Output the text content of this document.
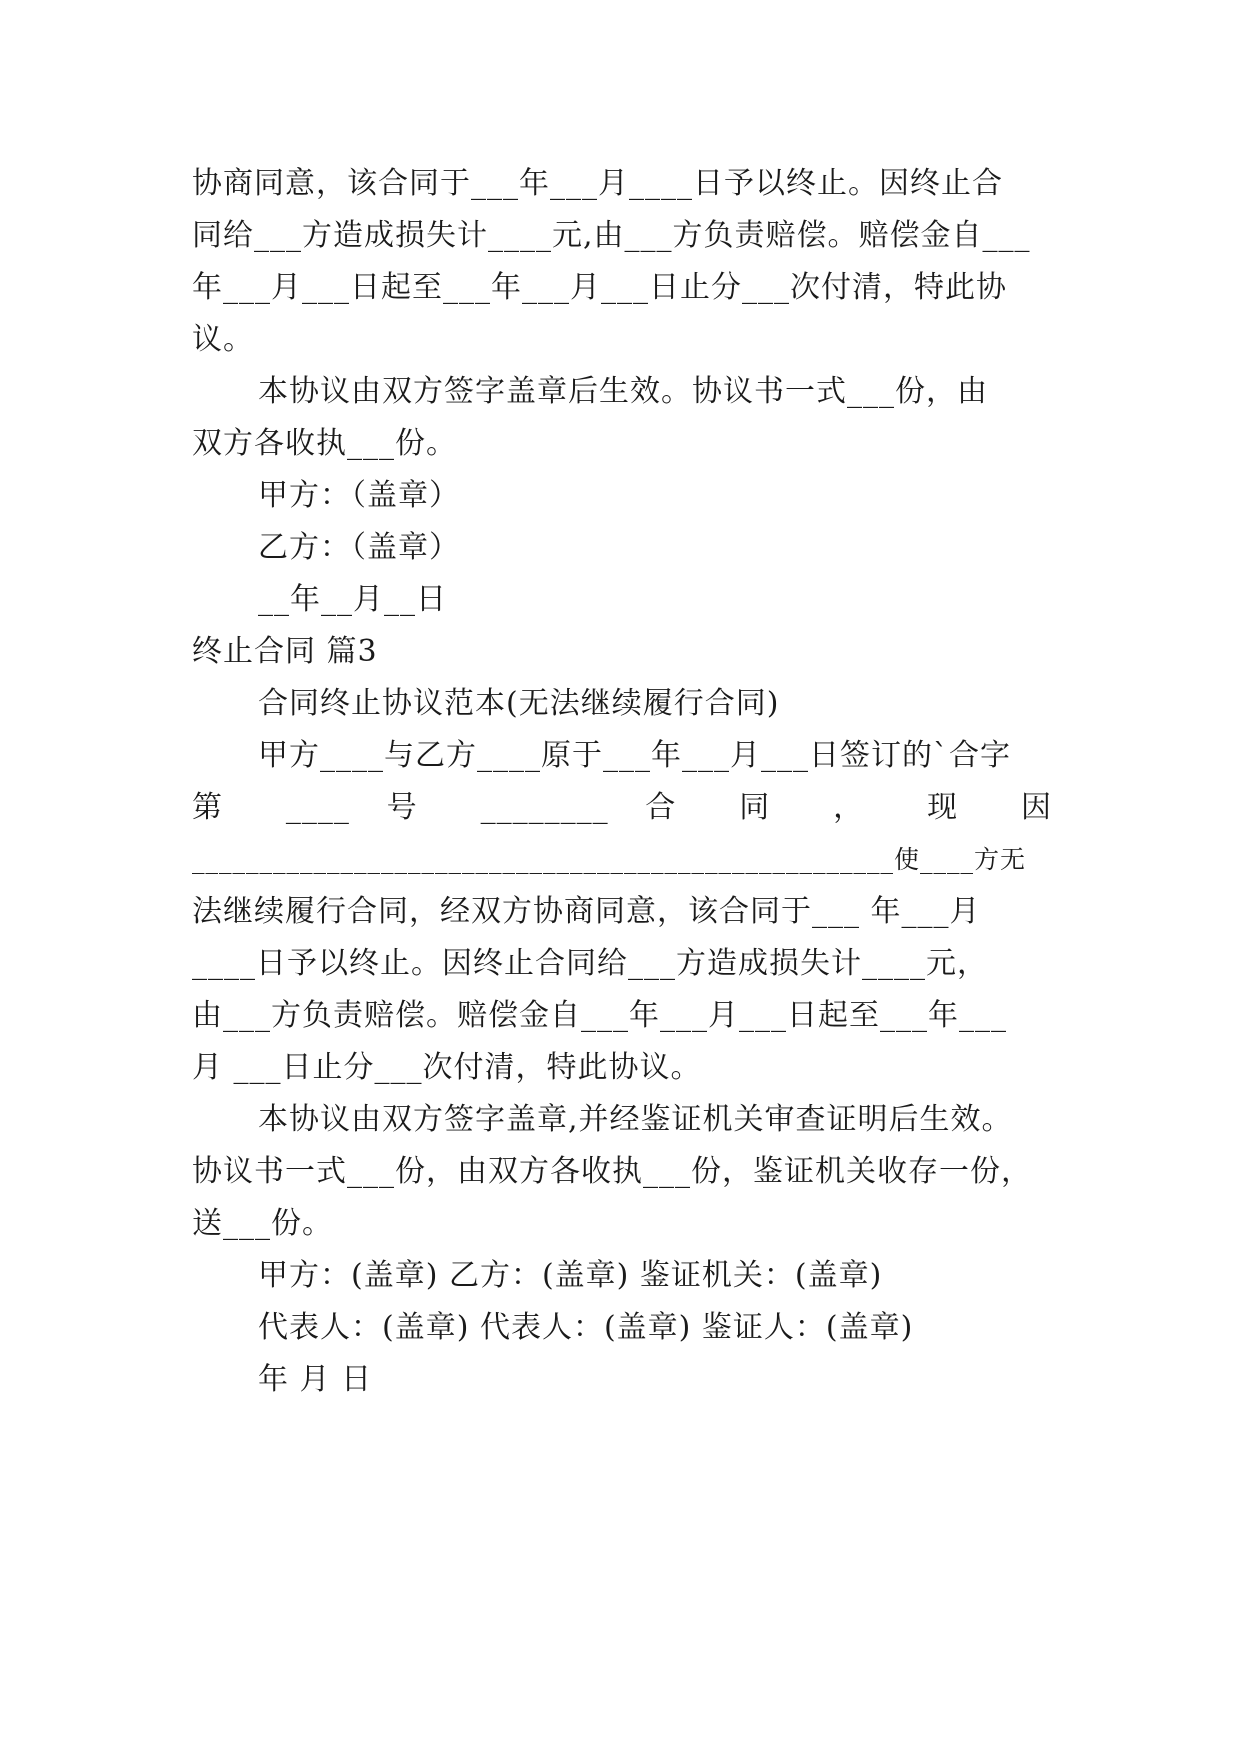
协商同意，该合同于___年___月____日予以终止。因终止合
同给___方造成损失计____元,由___方负责赔偿。赔偿金自___
年___月___日起至___年___月___日止分___次付清，特此协
议。
本协议由双方签字盖章后生效。协议书一式___份，由
双方各收执___份。
甲方：（盖章）
乙方：（盖章）
__年__月__日
终止合同 篇3
合同终止协议范本(无法继续履行合同)
甲方____与乙方____原于___年___月___日签订的`合字
第 ____ 号 ________ 合 同 ， 现 因
____________________________________________________使____方无
法继续履行合同，经双方协商同意，该合同于___ 年___月
____日予以终止。因终止合同给___方造成损失计____元，
由___方负责赔偿。赔偿金自___年___月___日起至___年___
月 ___日止分___次付清，特此协议。
本协议由双方签字盖章,并经鉴证机关审查证明后生效。
协议书一式___份，由双方各收执___份，鉴证机关收存一份，
送___份。
甲方：(盖章) 乙方：(盖章) 鉴证机关：(盖章)
代表人：(盖章) 代表人：(盖章) 鉴证人：(盖章)
年 月 日
